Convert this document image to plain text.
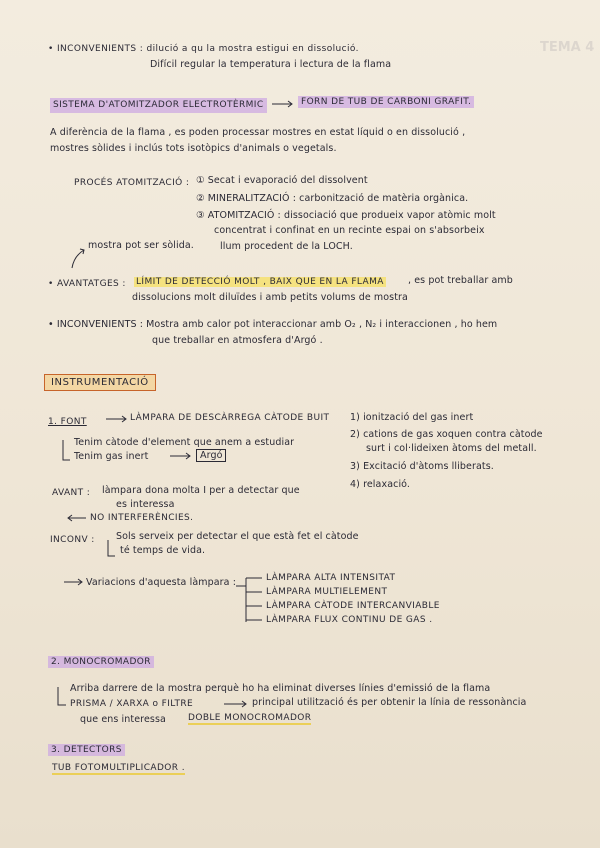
TEMA 4
• INCONVENIENTS : dilució a qu la mostra estigui en dissolució.
Difícil regular la temperatura i lectura de la flama
SISTEMA D'ATOMITZADOR ELECTROTÈRMIC	FORN DE TUB DE CARBONI GRAFIT.
A diferència de la flama , es poden processar mostres en estat líquid o en dissolució ,
mostres sòlides i inclús tots isotòpics d'animals o vegetals.
PROCÉS ATOMITZACIÓ : ① Secat i evaporació del dissolvent
② MINERALITZACIÓ : carbonització de matèria orgànica.
③ ATOMITZACIÓ : dissociació que produeix vapor atòmic molt
concentrat i confinat en un recinte espai on s'absorbeix
llum procedent de la LOCH.
mostra pot ser sòlida.
• AVANTATGES : LÍMIT DE DETECCIÓ MOLT , BAIX QUE EN LA FLAMA	, es pot treballar amb
dissolucions molt diluïdes i amb petits volums de mostra
• INCONVENIENTS : Mostra amb calor pot interaccionar amb O₂ , N₂ i interaccionen , ho hem
que treballar en atmosfera d'Argó .
INSTRUMENTACIÓ
1. FONT	LÀMPARA DE DESCÀRREGA CÀTODE BUIT
Tenim càtode d'element que anem a estudiar
Tenim gas inert	Argó
1) ionització del gas inert
2) cations de gas xoquen contra càtode
surt i col·lideixen àtoms del metall.
3) Excitació d'àtoms lliberats.
4) relaxació.
AVANT : làmpara dona molta I per a detectar que
es interessa
NO INTERFERÈNCIES.
INCONV : Sols serveix per detectar el que està fet el càtode
té temps de vida.
Variacions d'aquesta làmpara :	LÀMPARA ALTA INTENSITAT
LÀMPARA MULTIELEMENT
LÀMPARA CÀTODE INTERCANVIABLE
LÀMPARA FLUX CONTINU DE GAS .
2. MONOCROMADOR
Arriba darrere de la mostra perquè ho ha eliminat diverses línies d'emissió de la flama
PRISMA / XARXA o FILTRE	principal utilització és per obtenir la línia de ressonància
que ens interessa DOBLE MONOCROMADOR
3. DETECTORS
TUB FOTOMULTIPLICADOR .
